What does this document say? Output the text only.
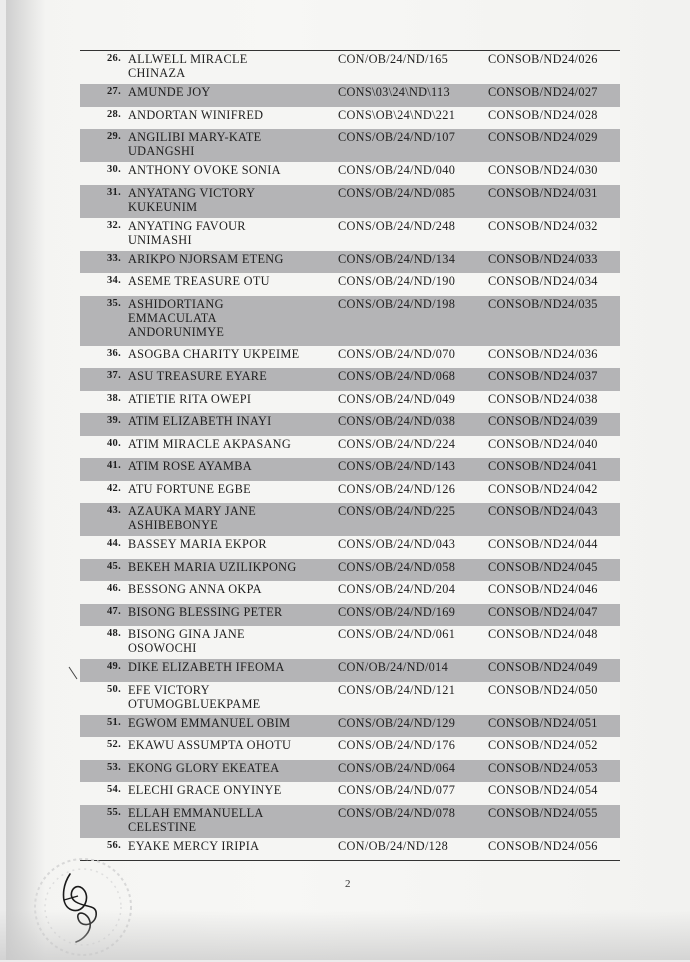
26. ALLWELL MIRACLE
CHINAZA
CON/OB/24/ND/165	CONSOB/ND24/026
27. AMUNDE JOY	CONS\03\24\ND\113	CONSOB/ND24/027
28. ANDORTAN WINIFRED	CONS\OB\24\ND\221	CONSOB/ND24/028
29. ANGILIBI MARY-KATE
UDANGSHI
CONS/OB/24/ND/107	CONSOB/ND24/029
30. ANTHONY OVOKE SONIA	CONS/OB/24/ND/040	CONSOB/ND24/030
31. ANYATANG VICTORY
KUKEUNIM
CONS/OB/24/ND/085	CONSOB/ND24/031
32. ANYATING FAVOUR
UNIMASHI
CONS/OB/24/ND/248	CONSOB/ND24/032
33. ARIKPO NJORSAM ETENG	CONS/OB/24/ND/134	CONSOB/ND24/033
34. ASEME TREASURE OTU	CONS/OB/24/ND/190	CONSOB/ND24/034
35. ASHIDORTIANG
EMMACULATA
ANDORUNIMYE
CONS/OB/24/ND/198	CONSOB/ND24/035
36. ASOGBA CHARITY UKPEIME	CONS/OB/24/ND/070	CONSOB/ND24/036
37. ASU TREASURE EYARE	CONS/OB/24/ND/068	CONSOB/ND24/037
38. ATIETIE RITA OWEPI	CONS/OB/24/ND/049	CONSOB/ND24/038
39. ATIM ELIZABETH INAYI	CONS/OB/24/ND/038	CONSOB/ND24/039
40. ATIM MIRACLE AKPASANG	CONS/OB/24/ND/224	CONSOB/ND24/040
41. ATIM ROSE AYAMBA	CONS/OB/24/ND/143	CONSOB/ND24/041
42. ATU FORTUNE EGBE	CONS/OB/24/ND/126	CONSOB/ND24/042
43. AZAUKA MARY JANE
ASHIBEBONYE
CONS/OB/24/ND/225	CONSOB/ND24/043
44. BASSEY MARIA EKPOR	CONS/OB/24/ND/043	CONSOB/ND24/044
45. BEKEH MARIA UZILIKPONG	CONS/OB/24/ND/058	CONSOB/ND24/045
46. BESSONG ANNA OKPA	CONS/OB/24/ND/204	CONSOB/ND24/046
47. BISONG BLESSING PETER	CONS/OB/24/ND/169	CONSOB/ND24/047
48. BISONG GINA JANE
OSOWOCHI
CONS/OB/24/ND/061	CONSOB/ND24/048
49. DIKE ELIZABETH IFEOMA	CON/OB/24/ND/014	CONSOB/ND24/049
50. EFE VICTORY
OTUMOGBLUEKPAME
CONS/OB/24/ND/121	CONSOB/ND24/050
51. EGWOM EMMANUEL OBIM	CONS/OB/24/ND/129	CONSOB/ND24/051
52. EKAWU ASSUMPTA OHOTU	CONS/OB/24/ND/176	CONSOB/ND24/052
53. EKONG GLORY EKEATEA	CONS/OB/24/ND/064	CONSOB/ND24/053
54. ELECHI GRACE ONYINYE	CONS/OB/24/ND/077	CONSOB/ND24/054
55. ELLAH EMMANUELLA
CELESTINE
CONS/OB/24/ND/078	CONSOB/ND24/055
56. EYAKE MERCY IRIPIA	CON/OB/24/ND/128	CONSOB/ND24/056
2
